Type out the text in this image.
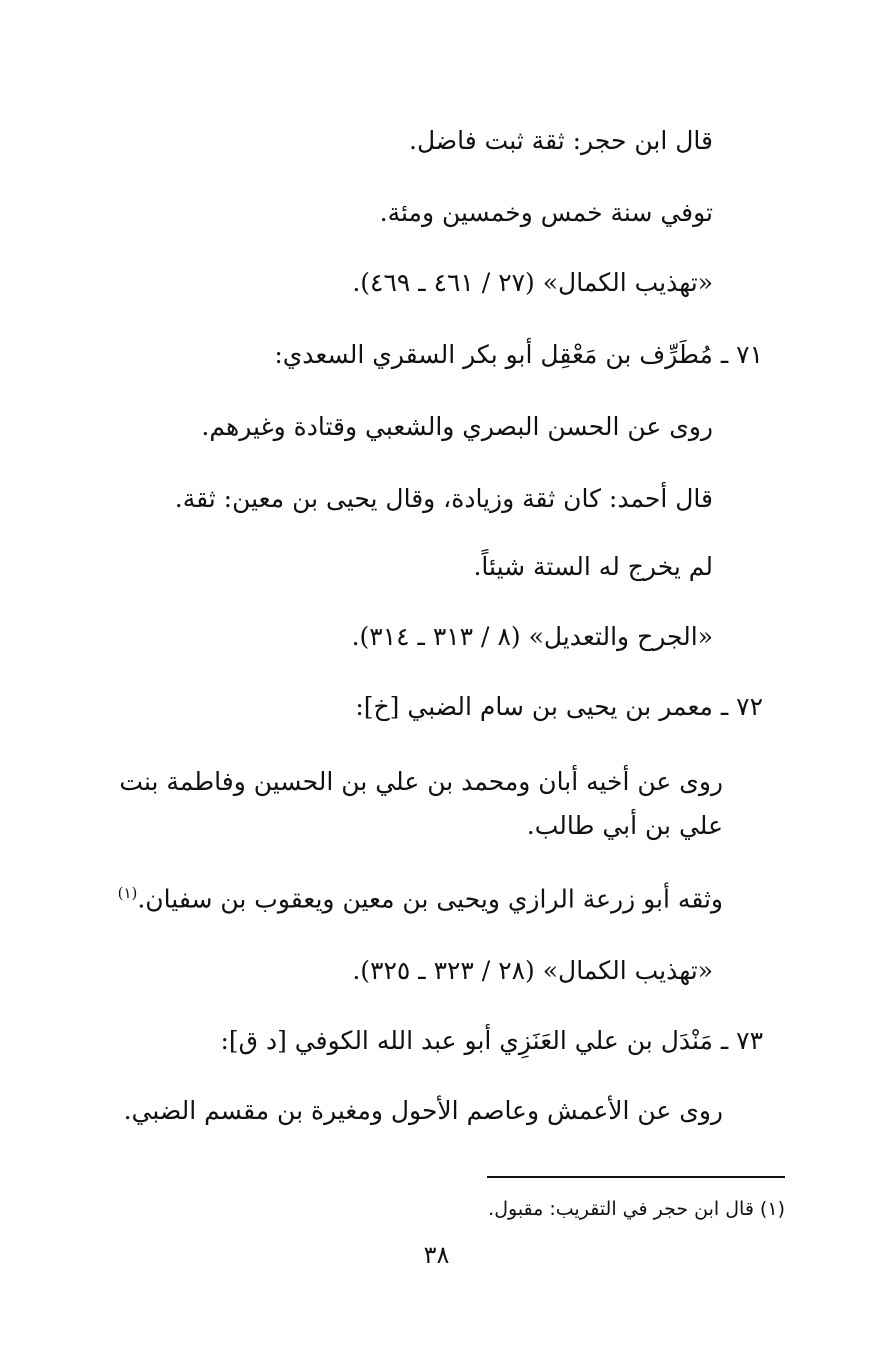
قال ابن حجر: ثقة ثبت فاضل.
توفي سنة خمس وخمسين ومئة.
«تهذيب الكمال» (٢٧ / ٤٦١ ـ ٤٦٩).
٧١ ـ مُطَرِّف بن مَعْقِل أبو بكر السقري السعدي:
روى عن الحسن البصري والشعبي وقتادة وغيرهم.
قال أحمد: كان ثقة وزيادة، وقال يحيى بن معين: ثقة.
لم يخرج له الستة شيئاً.
«الجرح والتعديل» (٨ / ٣١٣ ـ ٣١٤).
٧٢ ـ معمر بن يحيى بن سام الضبي [خ]:
روى عن أخيه أبان ومحمد بن علي بن الحسين وفاطمة بنت علي بن أبي طالب.
وثقه أبو زرعة الرازي ويحيى بن معين ويعقوب بن سفيان.$^{(١)}$
«تهذيب الكمال» (٢٨ / ٣٢٣ ـ ٣٢٥).
٧٣ ـ مَنْدَل بن علي العَنَزِي أبو عبد الله الكوفي [د ق]:
روى عن الأعمش وعاصم الأحول ومغيرة بن مقسم الضبي.
(١) قال ابن حجر في التقريب: مقبول.
٣٨
